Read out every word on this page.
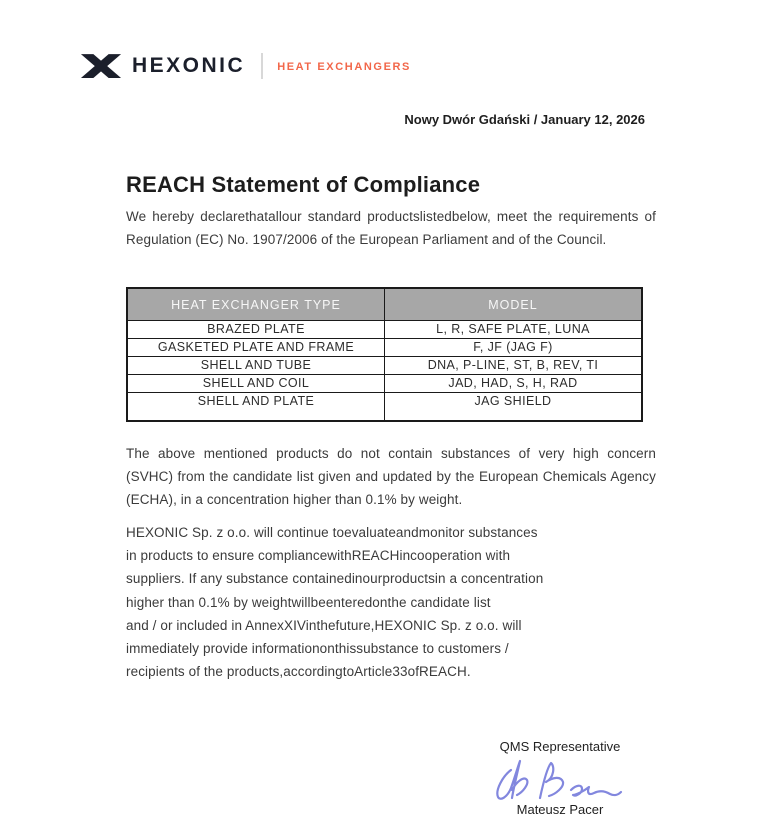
HEXONIC	HEAT EXCHANGERS
Nowy Dwór Gdański / January 12, 2026
REACH Statement of Compliance

We hereby declarethatallour standard productslistedbelow, meet the requirements of Regulation (EC) No. 1907/2006 of the European Parliament and of the Council.

HEAT EXCHANGER TYPE	MODEL
BRAZED PLATE	L, R, SAFE PLATE, LUNA
GASKETED PLATE AND FRAME	F, JF (JAG F)
SHELL AND TUBE	DNA, P-LINE, ST, B, REV, TI
SHELL AND COIL	JAD, HAD, S, H, RAD
SHELL AND PLATE	JAG SHIELD

The above mentioned products do not contain substances of very high concern (SVHC) from the candidate list given and updated by the European Chemicals Agency (ECHA), in a concentration higher than 0.1% by weight.

HEXONIC Sp. z o.o. will continue toevaluateandmonitor substances
in products to ensure compliancewithREACHincooperation with
suppliers. If any substance containedinourproductsin a concentration
higher than 0.1% by weightwillbeenteredonthe candidate list
and / or included in AnnexXIVinthefuture,HEXONIC Sp. z o.o. will
immediately provide informationonthissubstance to customers /
recipients of the products,accordingtoArticle33ofREACH.
QMS Representative
Mateusz Pacer
